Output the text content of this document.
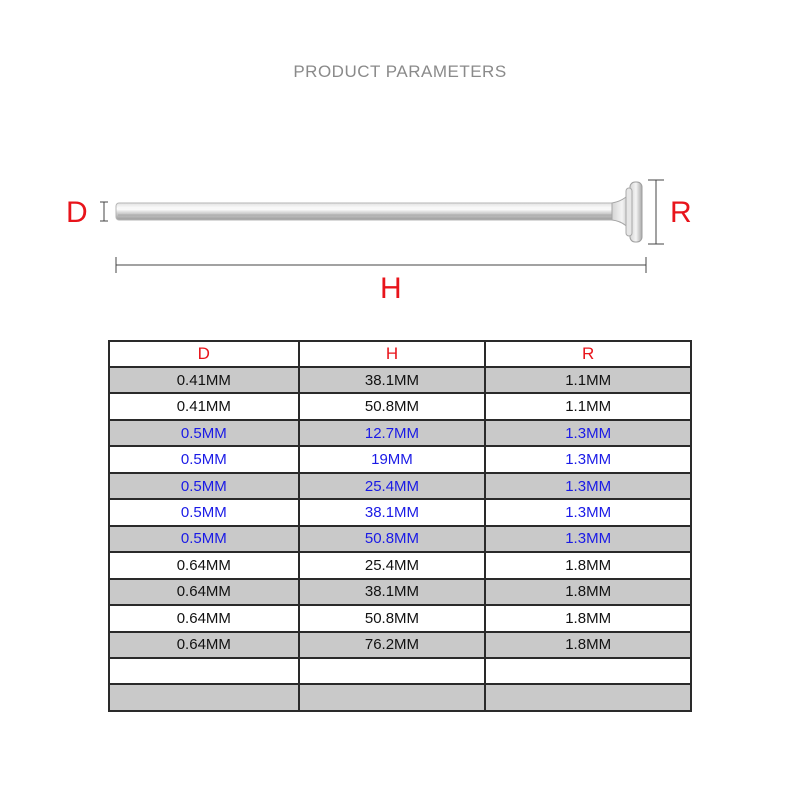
PRODUCT PARAMETERS
D	R
H
D	H	R
0.41MM	38.1MM	1.1MM
0.41MM	50.8MM	1.1MM
0.5MM	12.7MM	1.3MM
0.5MM	19MM	1.3MM
0.5MM	25.4MM	1.3MM
0.5MM	38.1MM	1.3MM
0.5MM	50.8MM	1.3MM
0.64MM	25.4MM	1.8MM
0.64MM	38.1MM	1.8MM
0.64MM	50.8MM	1.8MM
0.64MM	76.2MM	1.8MM
